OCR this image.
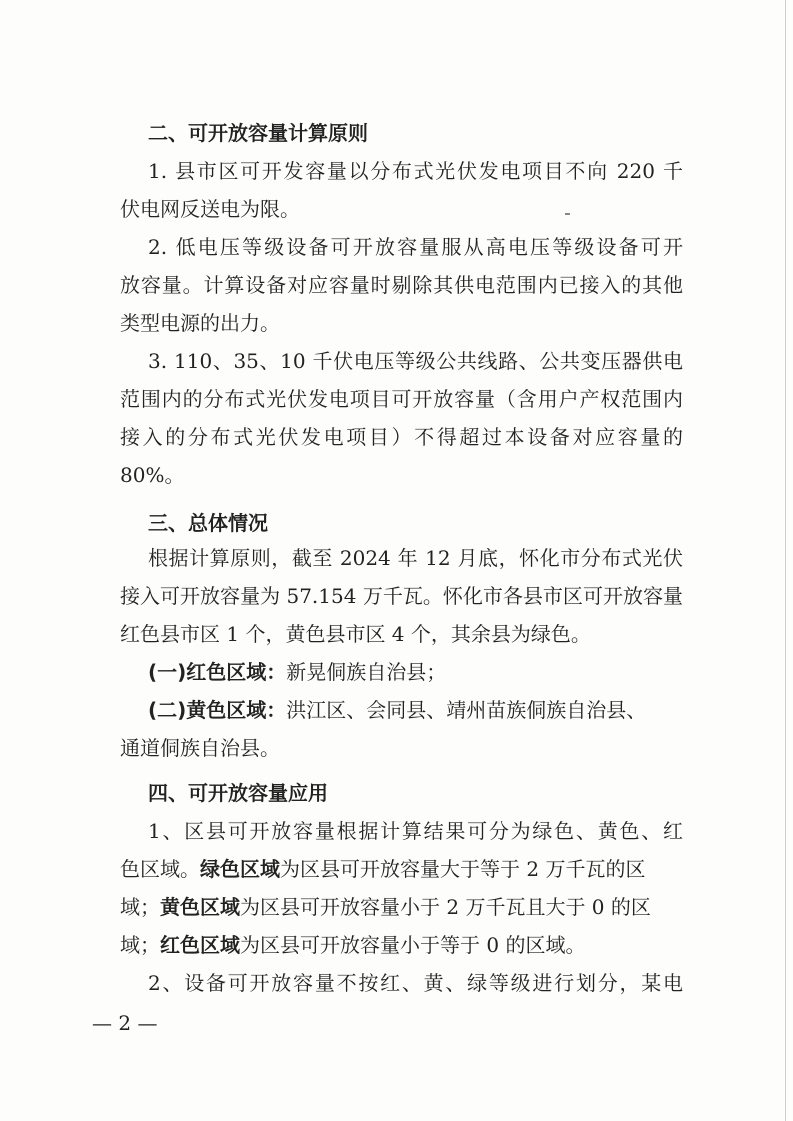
二、可开放容量计算原则
1. 县市区可开发容量以分布式光伏发电项目不向 220 千
伏电网反送电为限。
2. 低电压等级设备可开放容量服从高电压等级设备可开
放容量。计算设备对应容量时剔除其供电范围内已接入的其他
类型电源的出力。
3. 110、35、10 千伏电压等级公共线路、公共变压器供电
范围内的分布式光伏发电项目可开放容量（含用户产权范围内
接入的分布式光伏发电项目）不得超过本设备对应容量的
80%。
三、总体情况
根据计算原则，截至 2024 年 12 月底，怀化市分布式光伏
接入可开放容量为 57.154 万千瓦。怀化市各县市区可开放容量
红色县市区 1 个，黄色县市区 4 个，其余县为绿色。
(一)红色区域：新晃侗族自治县；
(二)黄色区域：洪江区、会同县、靖州苗族侗族自治县、
通道侗族自治县。
四、可开放容量应用
1、区县可开放容量根据计算结果可分为绿色、黄色、红
色区域。绿色区域为区县可开放容量大于等于 2 万千瓦的区
域；黄色区域为区县可开放容量小于 2 万千瓦且大于 0 的区
域；红色区域为区县可开放容量小于等于 0 的区域。
2、设备可开放容量不按红、黄、绿等级进行划分，某电
— 2 —
